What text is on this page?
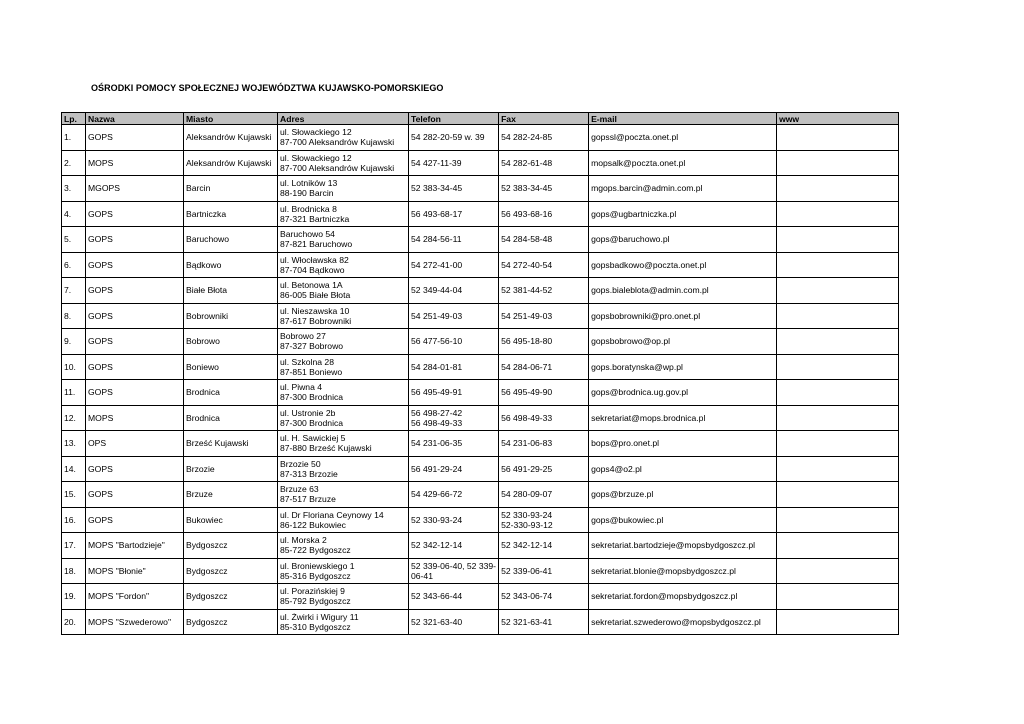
OŚRODKI POMOCY SPOŁECZNEJ WOJEWÓDZTWA KUJAWSKO-POMORSKIEGO
Lp.	Nazwa	Miasto	Adres	Telefon	Fax	E-mail	www
1.	GOPS	Aleksandrów Kujawski	ul. Słowackiego 12
87-700 Aleksandrów Kujawski	54 282-20-59 w. 39	54 282-24-85	gopssl@poczta.onet.pl	
2.	MOPS	Aleksandrów Kujawski	ul. Słowackiego 12
87-700 Aleksandrów Kujawski	54 427-11-39	54 282-61-48	mopsalk@poczta.onet.pl	
3.	MGOPS	Barcin	ul. Lotników 13
88-190 Barcin	52 383-34-45	52 383-34-45	mgops.barcin@admin.com.pl	
4.	GOPS	Bartniczka	ul. Brodnicka 8
87-321 Bartniczka	56 493-68-17	56 493-68-16	gops@ugbartniczka.pl	
5.	GOPS	Baruchowo	Baruchowo 54
87-821 Baruchowo	54 284-56-11	54 284-58-48	gops@baruchowo.pl	
6.	GOPS	Bądkowo	ul. Włocławska 82
87-704 Bądkowo	54 272-41-00	54 272-40-54	gopsbadkowo@poczta.onet.pl	
7.	GOPS	Białe Błota	ul. Betonowa 1A
86-005 Białe Błota	52 349-44-04	52 381-44-52	gops.bialeblota@admin.com.pl	
8.	GOPS	Bobrowniki	ul. Nieszawska 10
87-617 Bobrowniki	54 251-49-03	54 251-49-03	gopsbobrowniki@pro.onet.pl	
9.	GOPS	Bobrowo	Bobrowo 27
87-327 Bobrowo	56 477-56-10	56 495-18-80	gopsbobrowo@op.pl	
10.	GOPS	Boniewo	ul. Szkolna 28
87-851 Boniewo	54 284-01-81	54 284-06-71	gops.boratynska@wp.pl	
11.	GOPS	Brodnica	ul. Piwna 4
87-300 Brodnica	56 495-49-91	56 495-49-90	gops@brodnica.ug.gov.pl	
12.	MOPS	Brodnica	ul. Ustronie 2b
87-300 Brodnica	56 498-27-42
56 498-49-33	56 498-49-33	sekretariat@mops.brodnica.pl	
13.	OPS	Brześć Kujawski	ul. H. Sawickiej 5
87-880 Brześć Kujawski	54 231-06-35	54 231-06-83	bops@pro.onet.pl	
14.	GOPS	Brzozie	Brzozie 50
87-313 Brzozie	56 491-29-24	56 491-29-25	gops4@o2.pl	
15.	GOPS	Brzuze	Brzuze 63
87-517 Brzuze	54 429-66-72	54 280-09-07	gops@brzuze.pl	
16.	GOPS	Bukowiec	ul. Dr Floriana Ceynowy 14
86-122 Bukowiec	52 330-93-24	52 330-93-24
52-330-93-12	gops@bukowiec.pl	
17.	MOPS "Bartodzieje"	Bydgoszcz	ul. Morska 2
85-722 Bydgoszcz	52 342-12-14	52 342-12-14	sekretariat.bartodzieje@mopsbydgoszcz.pl	
18.	MOPS "Błonie"	Bydgoszcz	ul. Broniewskiego 1
85-316 Bydgoszcz	52 339-06-40, 52 339-
06-41	52 339-06-41	sekretariat.blonie@mopsbydgoszcz.pl	
19.	MOPS "Fordon"	Bydgoszcz	ul. Porazińskiej 9
85-792 Bydgoszcz	52 343-66-44	52 343-06-74	sekretariat.fordon@mopsbydgoszcz.pl	
20.	MOPS "Szwederowo"	Bydgoszcz	ul. Żwirki i Wigury 11
85-310 Bydgoszcz	52 321-63-40	52 321-63-41	sekretariat.szwederowo@mopsbydgoszcz.pl	
